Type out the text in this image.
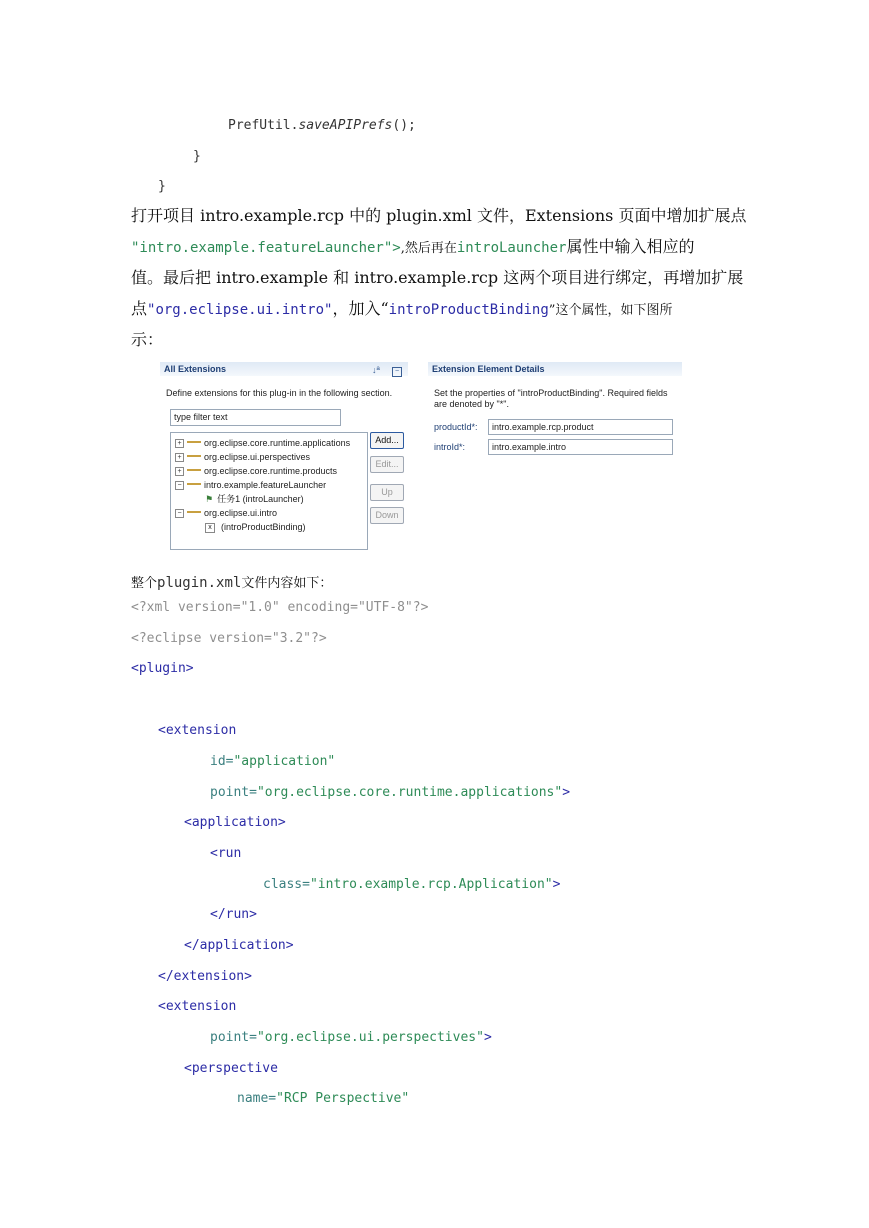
PrefUtil.saveAPIPrefs();
}
}
打开项目 intro.example.rcp 中的 plugin.xml 文件，Extensions 页面中增加扩展点
"intro.example.featureLauncher">,然后再在introLauncher属性中输入相应的
值。最后把 intro.example 和 intro.example.rcp 这两个项目进行绑定，再增加扩展
点"org.eclipse.ui.intro"，加入“introProductBinding”这个属性，如下图所
示：
All Extensions	↓ª	−
Define extensions for this plug-in in the following section.
type filter text
+ org.eclipse.core.runtime.applications
+ org.eclipse.ui.perspectives
+ org.eclipse.core.runtime.products
− intro.example.featureLauncher
⚑ 任务1 (introLauncher)
− org.eclipse.ui.intro
x (introProductBinding)
Add...
Edit...
Up
Down
Extension Element Details
Set the properties of "introProductBinding". Required fields
are denoted by "*".
productId*:	intro.example.rcp.product
introId*:	intro.example.intro
整个plugin.xml文件内容如下：
<?xml version="1.0" encoding="UTF-8"?>
<?eclipse version="3.2"?>
<plugin>
<extension
id="application"
point="org.eclipse.core.runtime.applications">
<application>
<run
class="intro.example.rcp.Application">
</run>
</application>
</extension>
<extension
point="org.eclipse.ui.perspectives">
<perspective
name="RCP Perspective"
